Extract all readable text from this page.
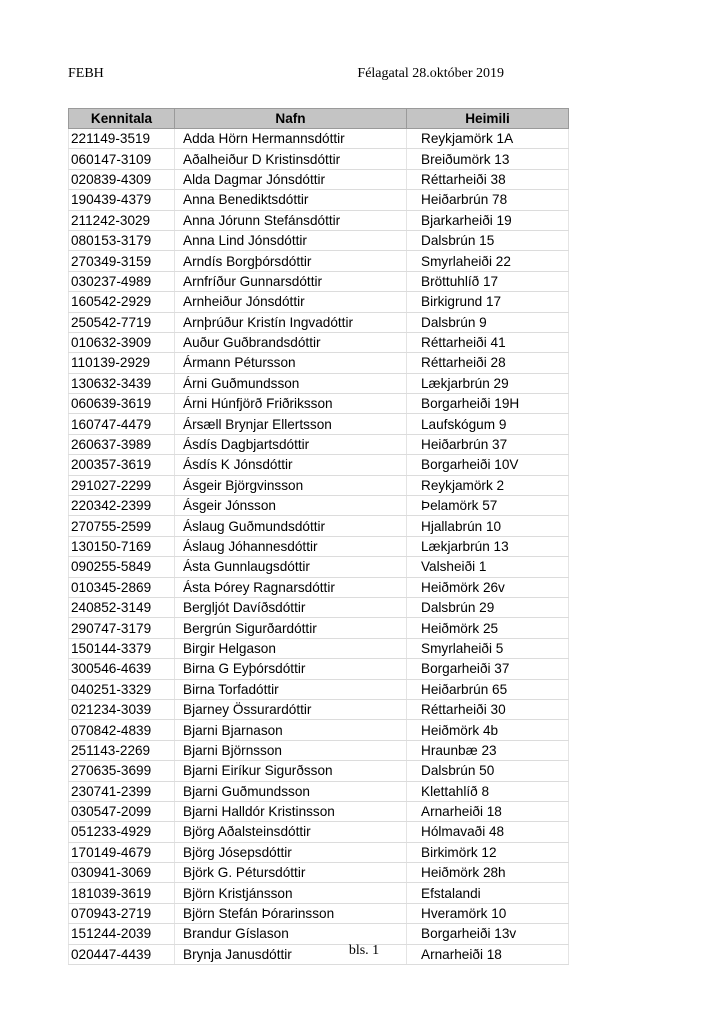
FEBH	Félagatal 28.október 2019
Kennitala	Nafn	Heimili
221149-3519	Adda Hörn Hermannsdóttir	Reykjamörk 1A
060147-3109	Aðalheiður D Kristinsdóttir	Breiðumörk 13
020839-4309	Alda Dagmar Jónsdóttir	Réttarheiði 38
190439-4379	Anna Benediktsdóttir	Heiðarbrún 78
211242-3029	Anna Jórunn Stefánsdóttir	Bjarkarheiði 19
080153-3179	Anna Lind Jónsdóttir	Dalsbrún 15
270349-3159	Arndís Borgþórsdóttir	Smyrlaheiði 22
030237-4989	Arnfríður Gunnarsdóttir	Bröttuhlíð 17
160542-2929	Arnheiður Jónsdóttir	Birkigrund 17
250542-7719	Arnþrúður Kristín Ingvadóttir	Dalsbrún 9
010632-3909	Auður Guðbrandsdóttir	Réttarheiði 41
110139-2929	Ármann Pétursson	Réttarheiði 28
130632-3439	Árni Guðmundsson	Lækjarbrún 29
060639-3619	Árni Húnfjörð Friðriksson	Borgarheiði 19H
160747-4479	Ársæll Brynjar Ellertsson	Laufskógum 9
260637-3989	Ásdís Dagbjartsdóttir	Heiðarbrún 37
200357-3619	Ásdís K Jónsdóttir	Borgarheiði 10V
291027-2299	Ásgeir Björgvinsson	Reykjamörk 2
220342-2399	Ásgeir Jónsson	Þelamörk 57
270755-2599	Áslaug Guðmundsdóttir	Hjallabrún 10
130150-7169	Áslaug Jóhannesdóttir	Lækjarbrún 13
090255-5849	Ásta Gunnlaugsdóttir	Valsheiði 1
010345-2869	Ásta Þórey Ragnarsdóttir	Heiðmörk 26v
240852-3149	Bergljót Davíðsdóttir	Dalsbrún 29
290747-3179	Bergrún Sigurðardóttir	Heiðmörk 25
150144-3379	Birgir Helgason	Smyrlaheiði 5
300546-4639	Birna G Eyþórsdóttir	Borgarheiði 37
040251-3329	Birna Torfadóttir	Heiðarbrún 65
021234-3039	Bjarney Össurardóttir	Réttarheiði 30
070842-4839	Bjarni Bjarnason	Heiðmörk 4b
251143-2269	Bjarni Björnsson	Hraunbæ 23
270635-3699	Bjarni Eiríkur Sigurðsson	Dalsbrún 50
230741-2399	Bjarni Guðmundsson	Klettahlíð 8
030547-2099	Bjarni Halldór Kristinsson	Arnarheiði 18
051233-4929	Björg Aðalsteinsdóttir	Hólmavaði 48
170149-4679	Björg Jósepsdóttir	Birkimörk 12
030941-3069	Björk G. Pétursdóttir	Heiðmörk 28h
181039-3619	Björn Kristjánsson	Efstalandi
070943-2719	Björn Stefán Þórarinsson	Hveramörk 10
151244-2039	Brandur Gíslason	Borgarheiði 13v
020447-4439	Brynja Janusdóttir	Arnarheiði 18
bls. 1
